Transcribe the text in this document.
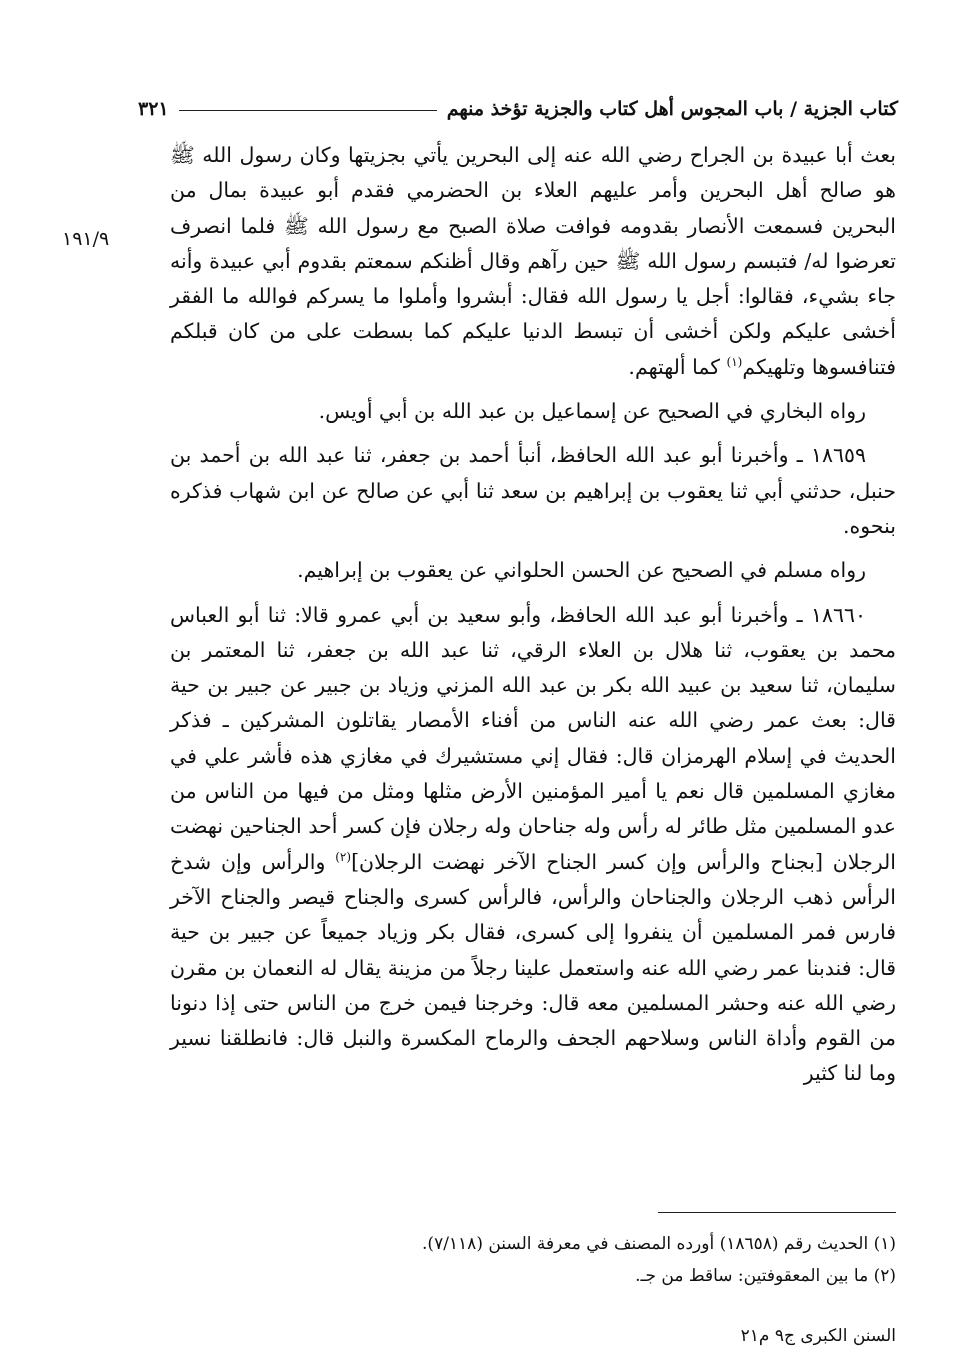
كتاب الجزية / باب المجوس أهل كتاب والجزية تؤخذ منهم
٣٢١
١٩١/٩

بعث أبا عبيدة بن الجراح رضي الله عنه إلى البحرين يأتي بجزيتها وكان رسول الله ﷺ هو صالح أهل البحرين وأمر عليهم العلاء بن الحضرمي فقدم أبو عبيدة بمال من البحرين فسمعت الأنصار بقدومه فوافت صلاة الصبح مع رسول الله ﷺ فلما انصرف تعرضوا له/ فتبسم رسول الله ﷺ حين رآهم وقال أظنكم سمعتم بقدوم أبي عبيدة وأنه جاء بشيء، فقالوا: أجل يا رسول الله فقال: أبشروا وأملوا ما يسركم فوالله ما الفقر أخشى عليكم ولكن أخشى أن تبسط الدنيا عليكم كما بسطت على من كان قبلكم فتنافسوها وتلهيكم$^{(١)}$ كما ألهتهم.

رواه البخاري في الصحيح عن إسماعيل بن عبد الله بن أبي أويس.

١٨٦٥٩ ـ وأخبرنا أبو عبد الله الحافظ، أنبأ أحمد بن جعفر، ثنا عبد الله بن أحمد بن حنبل، حدثني أبي ثنا يعقوب بن إبراهيم بن سعد ثنا أبي عن صالح عن ابن شهاب فذكره بنحوه.

رواه مسلم في الصحيح عن الحسن الحلواني عن يعقوب بن إبراهيم.

١٨٦٦٠ ـ وأخبرنا أبو عبد الله الحافظ، وأبو سعيد بن أبي عمرو قالا: ثنا أبو العباس محمد بن يعقوب، ثنا هلال بن العلاء الرقي، ثنا عبد الله بن جعفر، ثنا المعتمر بن سليمان، ثنا سعيد بن عبيد الله بكر بن عبد الله المزني وزياد بن جبير عن جبير بن حية قال: بعث عمر رضي الله عنه الناس من أفناء الأمصار يقاتلون المشركين ـ فذكر الحديث في إسلام الهرمزان قال: فقال إني مستشيرك في مغازي هذه فأشر علي في مغازي المسلمين قال نعم يا أمير المؤمنين الأرض مثلها ومثل من فيها من الناس من عدو المسلمين مثل طائر له رأس وله جناحان وله رجلان فإن كسر أحد الجناحين نهضت الرجلان [بجناح والرأس وإن كسر الجناح الآخر نهضت الرجلان]$^{(٢)}$ والرأس وإن شدخ الرأس ذهب الرجلان والجناحان والرأس، فالرأس كسرى والجناح قيصر والجناح الآخر فارس فمر المسلمين أن ينفروا إلى كسرى، فقال بكر وزياد جميعاً عن جبير بن حية قال: فندبنا عمر رضي الله عنه واستعمل علينا رجلاً من مزينة يقال له النعمان بن مقرن رضي الله عنه وحشر المسلمين معه قال: وخرجنا فيمن خرج من الناس حتى إذا دنونا من القوم وأداة الناس وسلاحهم الجحف والرماح المكسرة والنبل قال: فانطلقنا نسير وما لنا كثير

(١) الحديث رقم (١٨٦٥٨) أورده المصنف في معرفة السنن (٧/١١٨).
(٢) ما بين المعقوفتين: ساقط من جـ.
السنن الكبرى ج٩ م٢١
